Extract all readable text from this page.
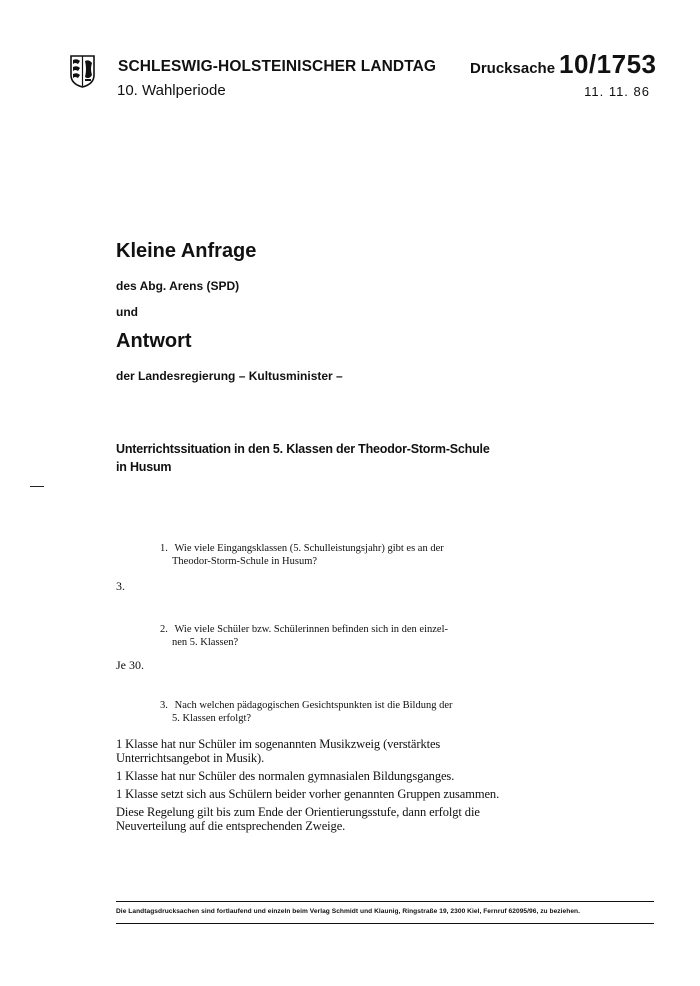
SCHLESWIG-HOLSTEINISCHER LANDTAG
10. Wahlperiode
Drucksache 10/1753
11. 11. 86
Kleine Anfrage
des Abg. Arens (SPD)
und
Antwort
der Landesregierung – Kultusminister –
Unterrichtssituation in den 5. Klassen der Theodor-Storm-Schule
in Husum
1. Wie viele Eingangsklassen (5. Schulleistungsjahr) gibt es an der
Theodor-Storm-Schule in Husum?
3.
2. Wie viele Schüler bzw. Schülerinnen befinden sich in den einzel-
nen 5. Klassen?
Je 30.
3. Nach welchen pädagogischen Gesichtspunkten ist die Bildung der
5. Klassen erfolgt?

1 Klasse hat nur Schüler im sogenannten Musikzweig (verstärktes Unterrichtsangebot in Musik).

1 Klasse hat nur Schüler des normalen gymnasialen Bildungsganges.

1 Klasse setzt sich aus Schülern beider vorher genannten Gruppen zusammen.

Diese Regelung gilt bis zum Ende der Orientierungsstufe, dann erfolgt die Neuverteilung auf die entsprechenden Zweige.

Die Landtagsdrucksachen sind fortlaufend und einzeln beim Verlag Schmidt und Klaunig, Ringstraße 19, 2300 Kiel, Fernruf 62095/96, zu beziehen.
